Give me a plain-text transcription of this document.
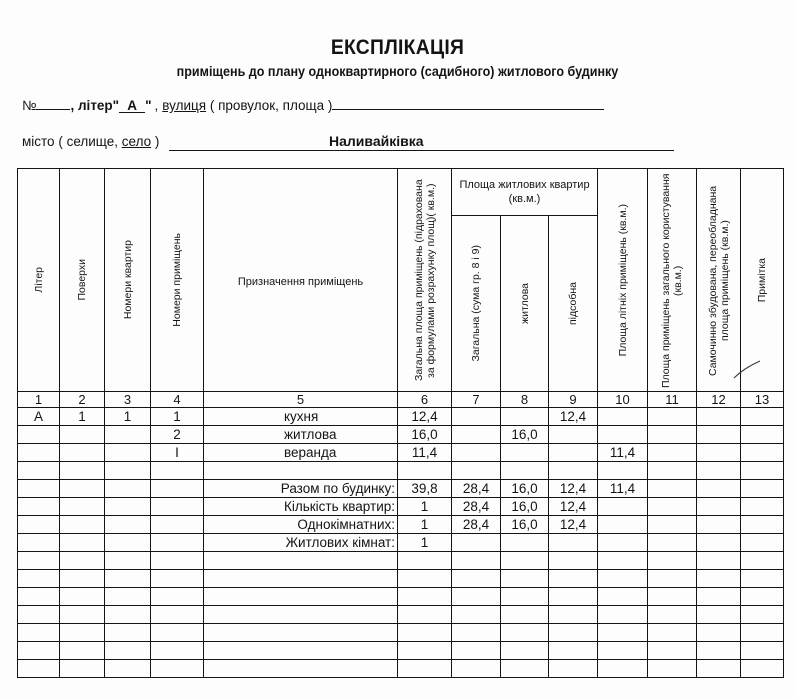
ЕКСПЛІКАЦІЯ
приміщень до плану однoквартирного (садибного) житлового будинку
№	, літер" А " , вулиця ( провулок, площа )
місто ( селище, село )	Наливайківка
Літер	Поверхи	Номери квартир	Номери приміщень	Призначення приміщень	Загальна площа приміщень (підрахована за формулами розрахунку площ)( кв.м.)	Площа житлових квартир (кв.м.)			Площа літніх приміщень (кв.м.)	Площа приміщень загального користування (кв.м.)	Самочинно збудована, переобладнана площа приміщень (кв.м.)	Примітка

						Загальна (сума гр. 8 і 9)	житлова	підсобна				

1	2	3	4	5	6	7	8	9	10	11	12	13
А	1	1	1	кухня	12,4			12,4				
			2	житлова	16,0		16,0					
			І	веранда	11,4				11,4			

				Разом по будинку:	39,8	28,4	16,0	12,4	11,4			
				Кількість квартир:	1	28,4	16,0	12,4				
				Однокімнатних:	1	28,4	16,0	12,4				
				Житлових кімнат:	1							
